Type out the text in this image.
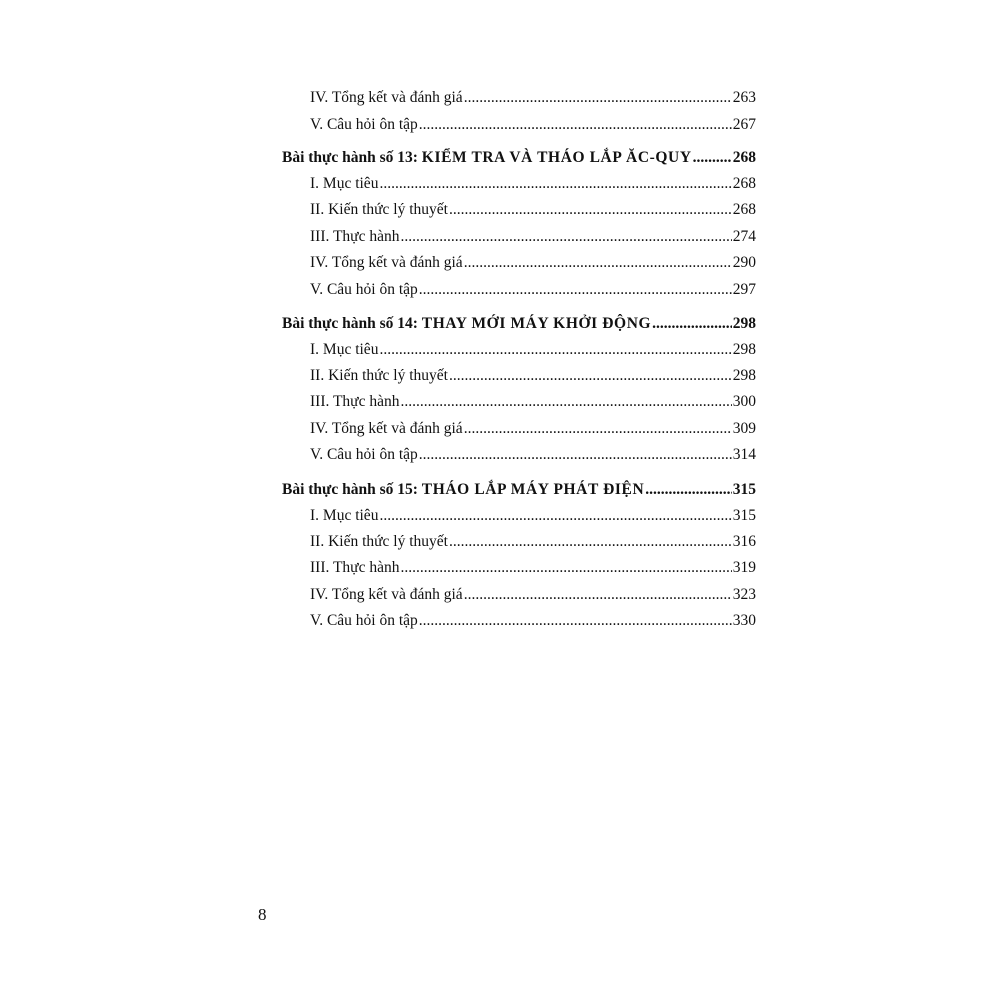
IV. Tổng kết và đánh giá .....	263
V. Câu hỏi ôn tập .....	267
Bài thực hành số 13: KIỂM TRA VÀ THÁO LẮP ĂC-QUY .....	268
I. Mục tiêu .....	268
II. Kiến thức lý thuyết .....	268
III. Thực hành .....	274
IV. Tổng kết và đánh giá .....	290
V. Câu hỏi ôn tập .....	297
Bài thực hành số 14: THAY MỚI MÁY KHỞI ĐỘNG .....	298
I. Mục tiêu .....	298
II. Kiến thức lý thuyết .....	298
III. Thực hành .....	300
IV. Tổng kết và đánh giá .....	309
V. Câu hỏi ôn tập .....	314
Bài thực hành số 15: THÁO LẮP MÁY PHÁT ĐIỆN .....	315
I. Mục tiêu .....	315
II. Kiến thức lý thuyết .....	316
III. Thực hành .....	319
IV. Tổng kết và đánh giá .....	323
V. Câu hỏi ôn tập .....	330
8
